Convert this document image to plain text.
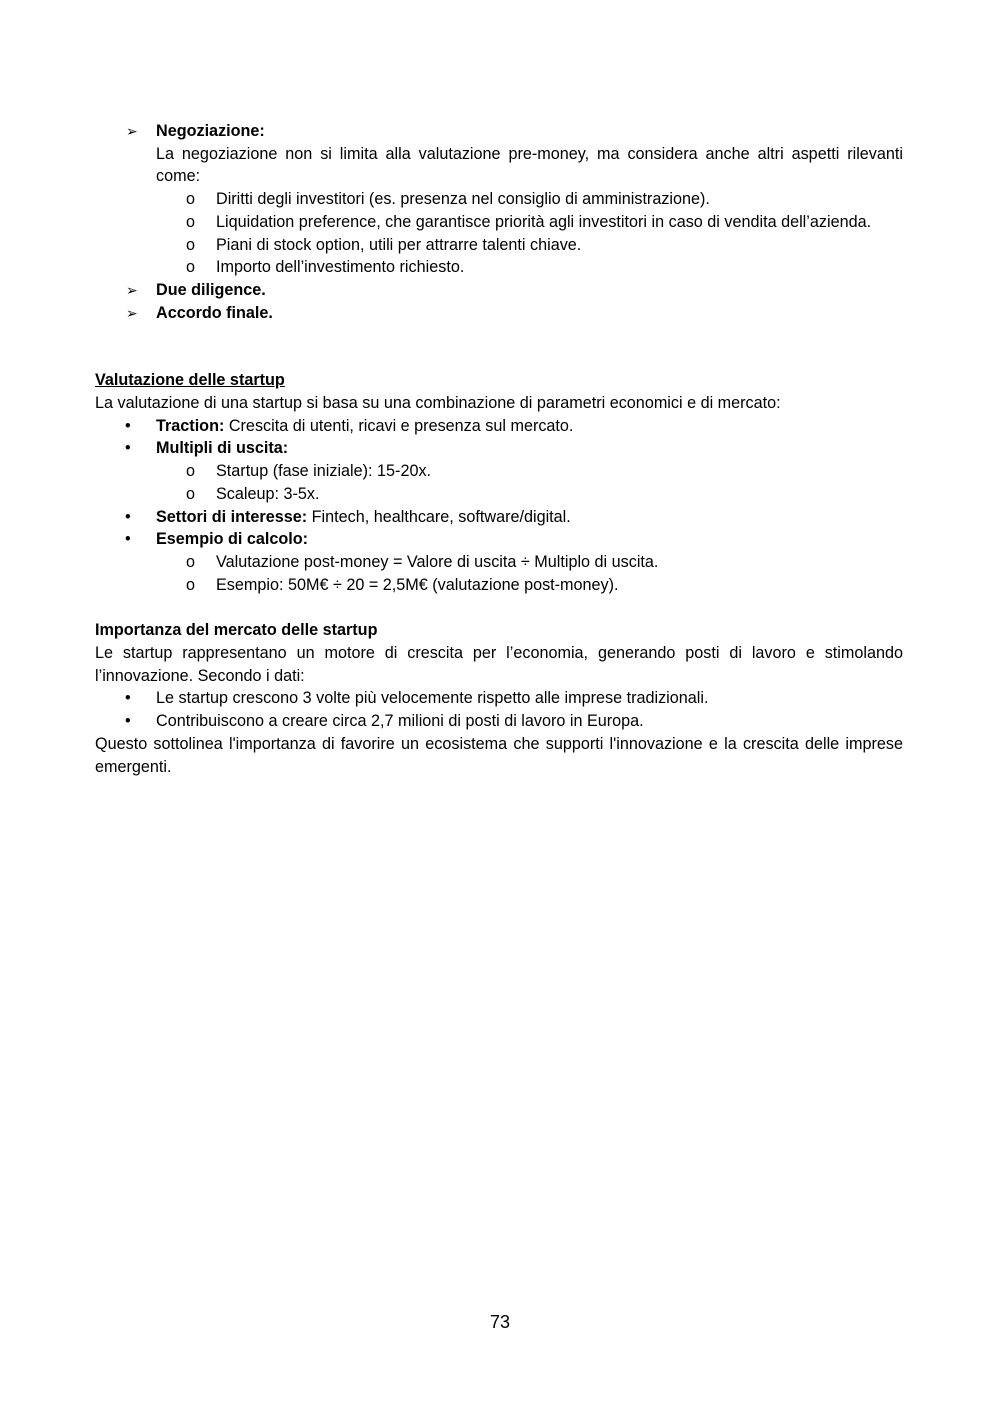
➢	Negoziazione:
La negoziazione non si limita alla valutazione pre-money, ma considera anche altri aspetti rilevanti come:
o	Diritti degli investitori (es. presenza nel consiglio di amministrazione).
o	Liquidation preference, che garantisce priorità agli investitori in caso di vendita dell’azienda.
o	Piani di stock option, utili per attrarre talenti chiave.
o	Importo dell’investimento richiesto.
➢	Due diligence.
➢	Accordo finale.
Valutazione delle startup
La valutazione di una startup si basa su una combinazione di parametri economici e di mercato:
•	Traction: Crescita di utenti, ricavi e presenza sul mercato.
•	Multipli di uscita:
o	Startup (fase iniziale): 15-20x.
o	Scaleup: 3-5x.
•	Settori di interesse: Fintech, healthcare, software/digital.
•	Esempio di calcolo:
o	Valutazione post-money = Valore di uscita ÷ Multiplo di uscita.
o	Esempio: 50M€ ÷ 20 = 2,5M€ (valutazione post-money).
Importanza del mercato delle startup
Le startup rappresentano un motore di crescita per l’economia, generando posti di lavoro e stimolando l’innovazione. Secondo i dati:
•	Le startup crescono 3 volte più velocemente rispetto alle imprese tradizionali.
•	Contribuiscono a creare circa 2,7 milioni di posti di lavoro in Europa.
Questo sottolinea l'importanza di favorire un ecosistema che supporti l'innovazione e la crescita delle imprese emergenti.
73
